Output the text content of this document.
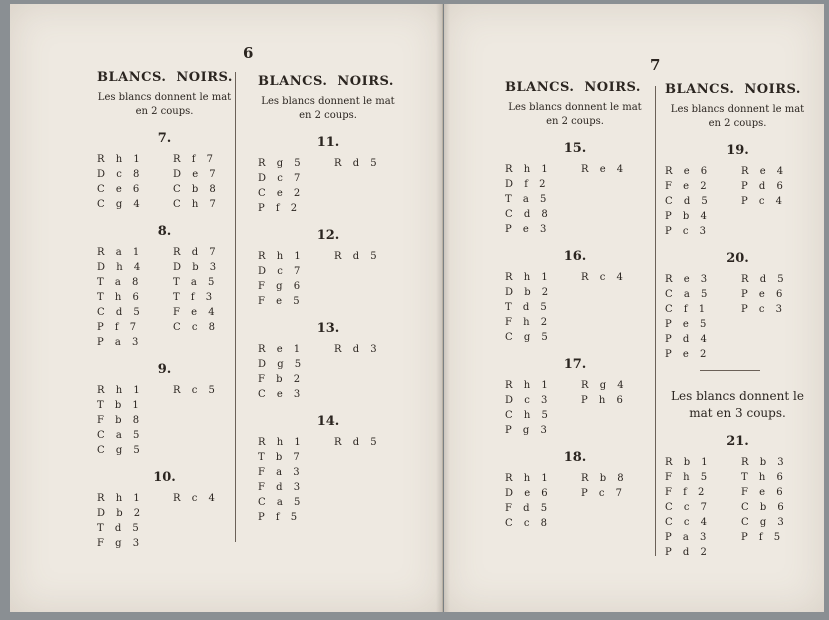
6
7
BLANCS. NOIRS.
Les blancs donnent le mat
en 2 coups.
7.
R h 1	R f 7
D c 8	D e 7
C e 6	C b 8
C g 4	C h 7
8.
R a 1	R d 7
D h 4	D b 3
T a 8	T a 5
T h 6	T f 3
C d 5	F e 4
P f 7	C c 8
P a 3
9.
R h 1	R c 5
T b 1
F b 8
C a 5
C g 5
10.
R h 1	R c 4
D b 2
T d 5
F g 3
BLANCS. NOIRS.
Les blancs donnent le mat
en 2 coups.
11.
R g 5	R d 5
D c 7
C e 2
P f 2
12.
R h 1	R d 5
D c 7
F g 6
F e 5
13.
R e 1	R d 3
D g 5
F b 2
C e 3
14.
R h 1	R d 5
T b 7
F a 3
F d 3
C a 5
P f 5
BLANCS. NOIRS.
Les blancs donnent le mat
en 2 coups.
15.
R h 1	R e 4
D f 2
T a 5
C d 8
P e 3
16.
R h 1	R c 4
D b 2
T d 5
F h 2
C g 5
17.
R h 1	R g 4
D c 3	P h 6
C h 5
P g 3
18.
R h 1	R b 8
D e 6	P c 7
F d 5
C c 8
BLANCS. NOIRS.
Les blancs donnent le mat
en 2 coups.
19.
R e 6	R e 4
F e 2	P d 6
C d 5	P c 4
P b 4
P c 3
20.
R e 3	R d 5
C a 5	P e 6
C f 1	P c 3
P e 5
P d 4
P e 2
Les blancs donnent le
mat en 3 coups.
21.
R b 1	R b 3
F h 5	T h 6
F f 2	F e 6
C c 7	C b 6
C c 4	C g 3
P a 3	P f 5
P d 2
